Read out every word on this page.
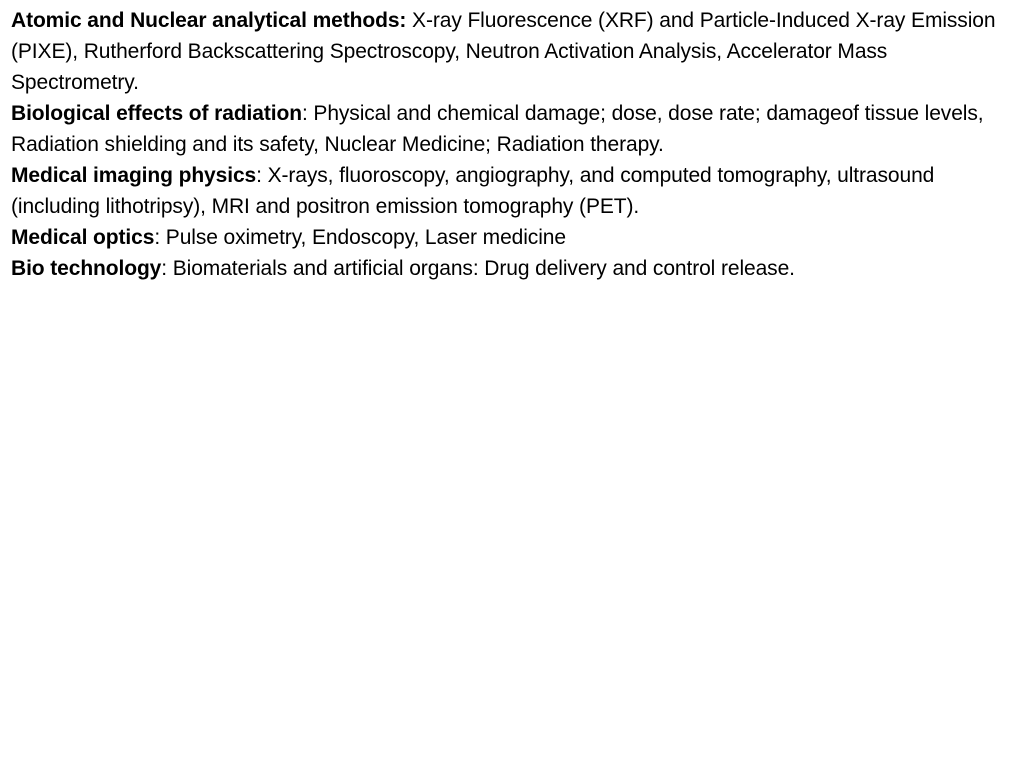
Atomic and Nuclear analytical methods: X-ray Fluorescence (XRF) and Particle-Induced X-ray Emission (PIXE), Rutherford Backscattering Spectroscopy, Neutron Activation Analysis, Accelerator Mass Spectrometry.

Biological effects of radiation: Physical and chemical damage; dose, dose rate; damageof tissue levels, Radiation shielding and its safety, Nuclear Medicine; Radiation therapy.

Medical imaging physics: X-rays, fluoroscopy, angiography, and computed tomography, ultrasound (including lithotripsy), MRI and positron emission tomography (PET).

Medical optics: Pulse oximetry, Endoscopy, Laser medicine

Bio technology: Biomaterials and artificial organs: Drug delivery and control release.
